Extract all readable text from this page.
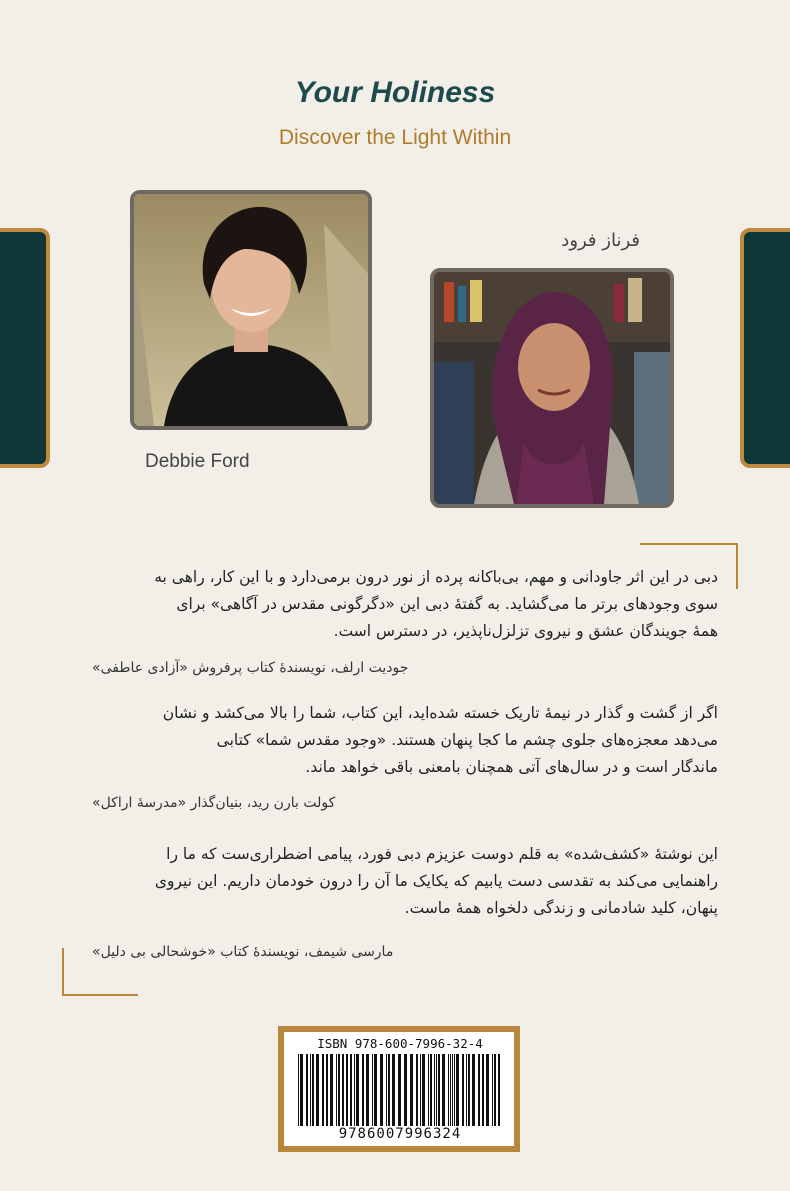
Your Holiness
Discover the Light Within
Debbie Ford
فرناز فرود
دبی در این اثر جاودانی و مهم، بی‌باکانه پرده از نور درون برمی‌دارد و با این کار، راهی به
سوی وجودهای برتر ما می‌گشاید. به گفتهٔ دبی این «دگرگونی مقدس در آگاهی» برای
همهٔ جویندگان عشق و نیروی تزلزل‌ناپذیر، در دسترس است.
جودیت ارلف، نویسندهٔ کتاب پرفروش «آزادی عاطفی»
اگر از گشت و گذار در نیمهٔ تاریک خسته شده‌اید، این کتاب، شما را بالا می‌کشد و نشان
می‌دهد معجزه‌های جلوی چشم ما کجا پنهان هستند. «وجود مقدس شما» کتابی
ماندگار است و در سال‌های آتی همچنان بامعنی باقی خواهد ماند.
کولت بارن رید، بنیان‌گذار «مدرسهٔ اراکل»
این نوشتهٔ «کشف‌شده» به قلم دوست عزیزم دبی فورد، پیامی اضطراری‌ست که ما را
راهنمایی می‌کند به تقدسی دست یابیم که یکایک ما آن را درون خودمان داریم. این نیروی
پنهان، کلید شادمانی و زندگی دلخواه همهٔ ماست.
مارسی شیمف، نویسندهٔ کتاب «خوشحالی بی دلیل»
ISBN 978-600-7996-32-4
9786007996324
